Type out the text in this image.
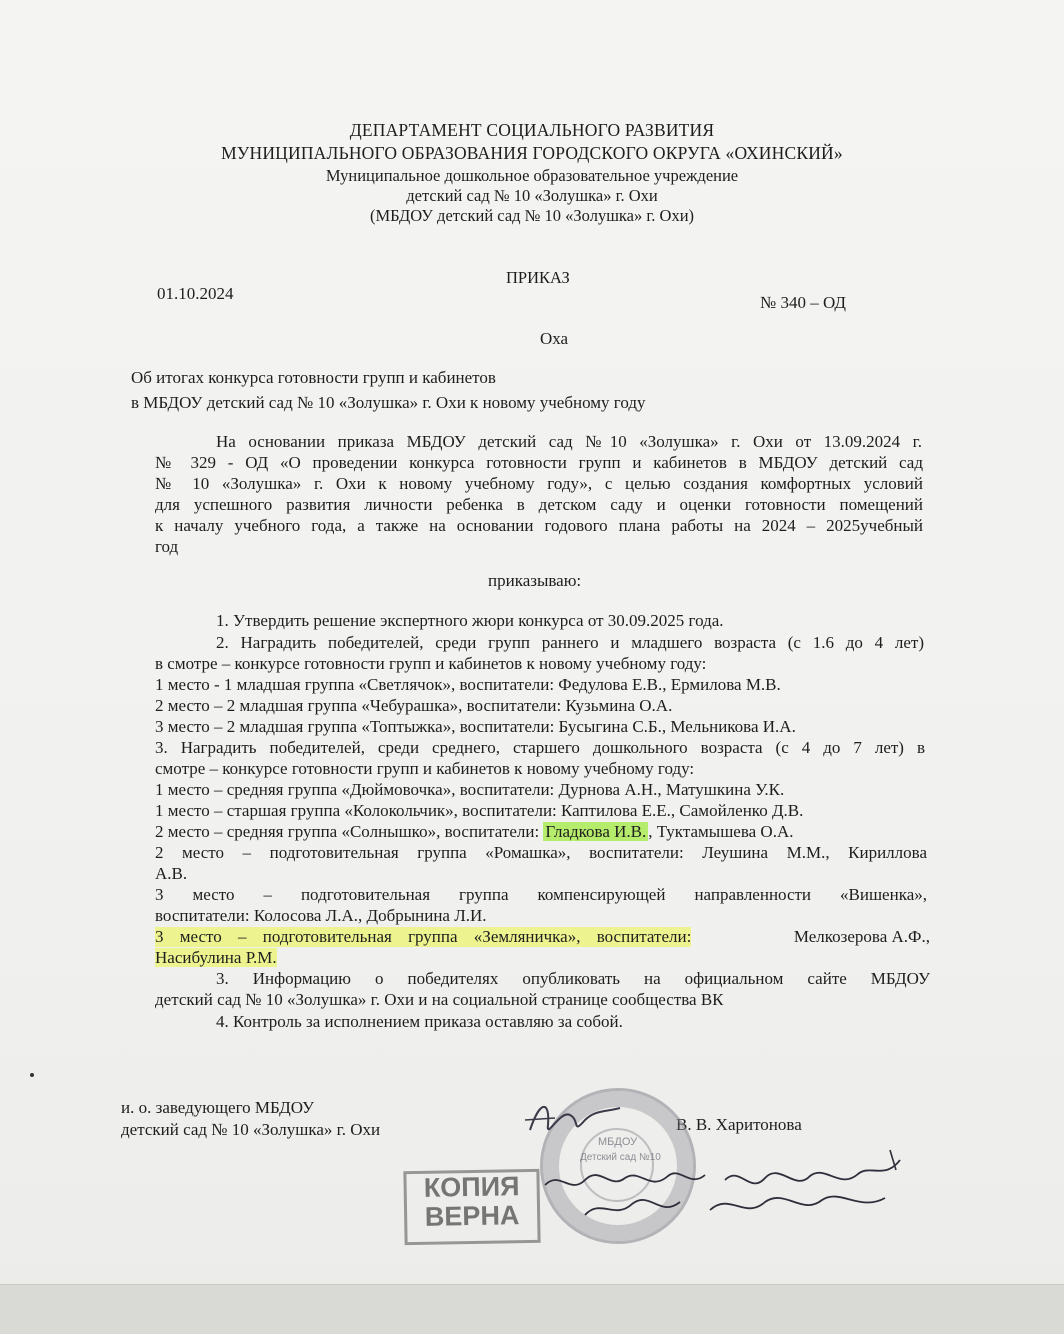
ДЕПАРТАМЕНТ СОЦИАЛЬНОГО РАЗВИТИЯ
МУНИЦИПАЛЬНОГО ОБРАЗОВАНИЯ ГОРОДСКОГО ОКРУГА «ОХИНСКИЙ»
Муниципальное дошкольное образовательное учреждение
детский сад № 10 «Золушка» г. Охи
(МБДОУ детский сад № 10 «Золушка» г. Охи)
ПРИКАЗ
01.10.2024	№ 340 – ОД
Оха
Об итогах конкурса готовности групп и кабинетов
в МБДОУ детский сад № 10 «Золушка» г. Охи к новому учебному году
На основании приказа МБДОУ детский сад №10 «Золушка» г. Охи от 13.09.2024 г.
№ 329 - ОД «О проведении конкурса готовности групп и кабинетов в МБДОУ детский сад
№ 10 «Золушка» г. Охи к новому учебному году», с целью создания комфортных условий
для успешного развития личности ребенка в детском саду и оценки готовности помещений
к началу учебного года, а также на основании годового плана работы на 2024 – 2025учебный
год
приказываю:
1. Утвердить решение экспертного жюри конкурса от 30.09.2025 года.
2. Наградить победителей, среди групп раннего и младшего возраста (с 1.6 до 4 лет)
в смотре – конкурсе готовности групп и кабинетов к новому учебному году:
1 место - 1 младшая группа «Светлячок», воспитатели: Федулова Е.В., Ермилова М.В.
2 место – 2 младшая группа «Чебурашка», воспитатели: Кузьмина О.А.
3 место – 2 младшая группа «Топтыжка», воспитатели: Бусыгина С.Б., Мельникова И.А.
3. Наградить победителей, среди среднего, старшего дошкольного возраста (с 4 до 7 лет) в
смотре – конкурсе готовности групп и кабинетов к новому учебному году:
1 место – средняя группа «Дюймовочка», воспитатели: Дурнова А.Н., Матушкина У.К.
1 место – старшая группа «Колокольчик», воспитатели: Каптилова Е.Е., Самойленко Д.В.
2 место – средняя группа «Солнышко», воспитатели: Гладкова И.В. , Туктамышева О.А.
2 место – подготовительная группа «Ромашка», воспитатели: Леушина М.М., Кириллова
А.В.
3 место – подготовительная группа компенсирующей направленности «Вишенка»,
воспитатели: Колосова Л.А., Добрынина Л.И.
3 место – подготовительная группа «Земляничка», воспитатели:	Мелкозерова А.Ф.,
Насибулина Р.М.
3. Информацию о победителях опубликовать на официальном сайте МБДОУ
детский сад № 10 «Золушка» г. Охи и на социальной странице сообщества ВК
4. Контроль за исполнением приказа оставляю за собой.
и. о. заведующего МБДОУ
детский сад № 10 «Золушка» г. Охи	В. В. Харитонова
МБДОУ
Детский сад №10
КОПИЯ
ВЕРНА
